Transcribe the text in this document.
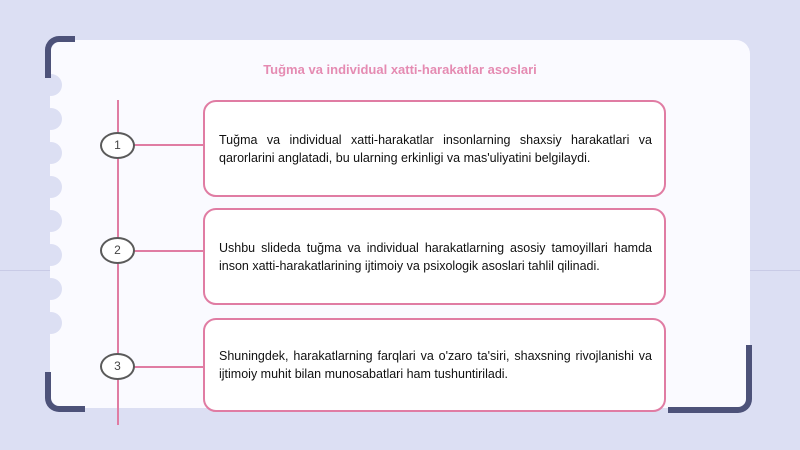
Tuğma va individual xatti-harakatlar asoslari
1	Tuğma va individual xatti-harakatlar insonlarning shaxsiy harakatlari va qarorlarini anglatadi, bu ularning erkinligi va mas'uliyatini belgilaydi.

2	Ushbu slideda tuğma va individual harakatlarning asosiy tamoyillari hamda inson xatti-harakatlarining ijtimoiy va psixologik asoslari tahlil qilinadi.

3

Shuningdek, harakatlarning farqlari va o'zaro ta'siri, shaxsning rivojlanishi va ijtimoiy muhit bilan munosabatlari ham tushuntiriladi.
